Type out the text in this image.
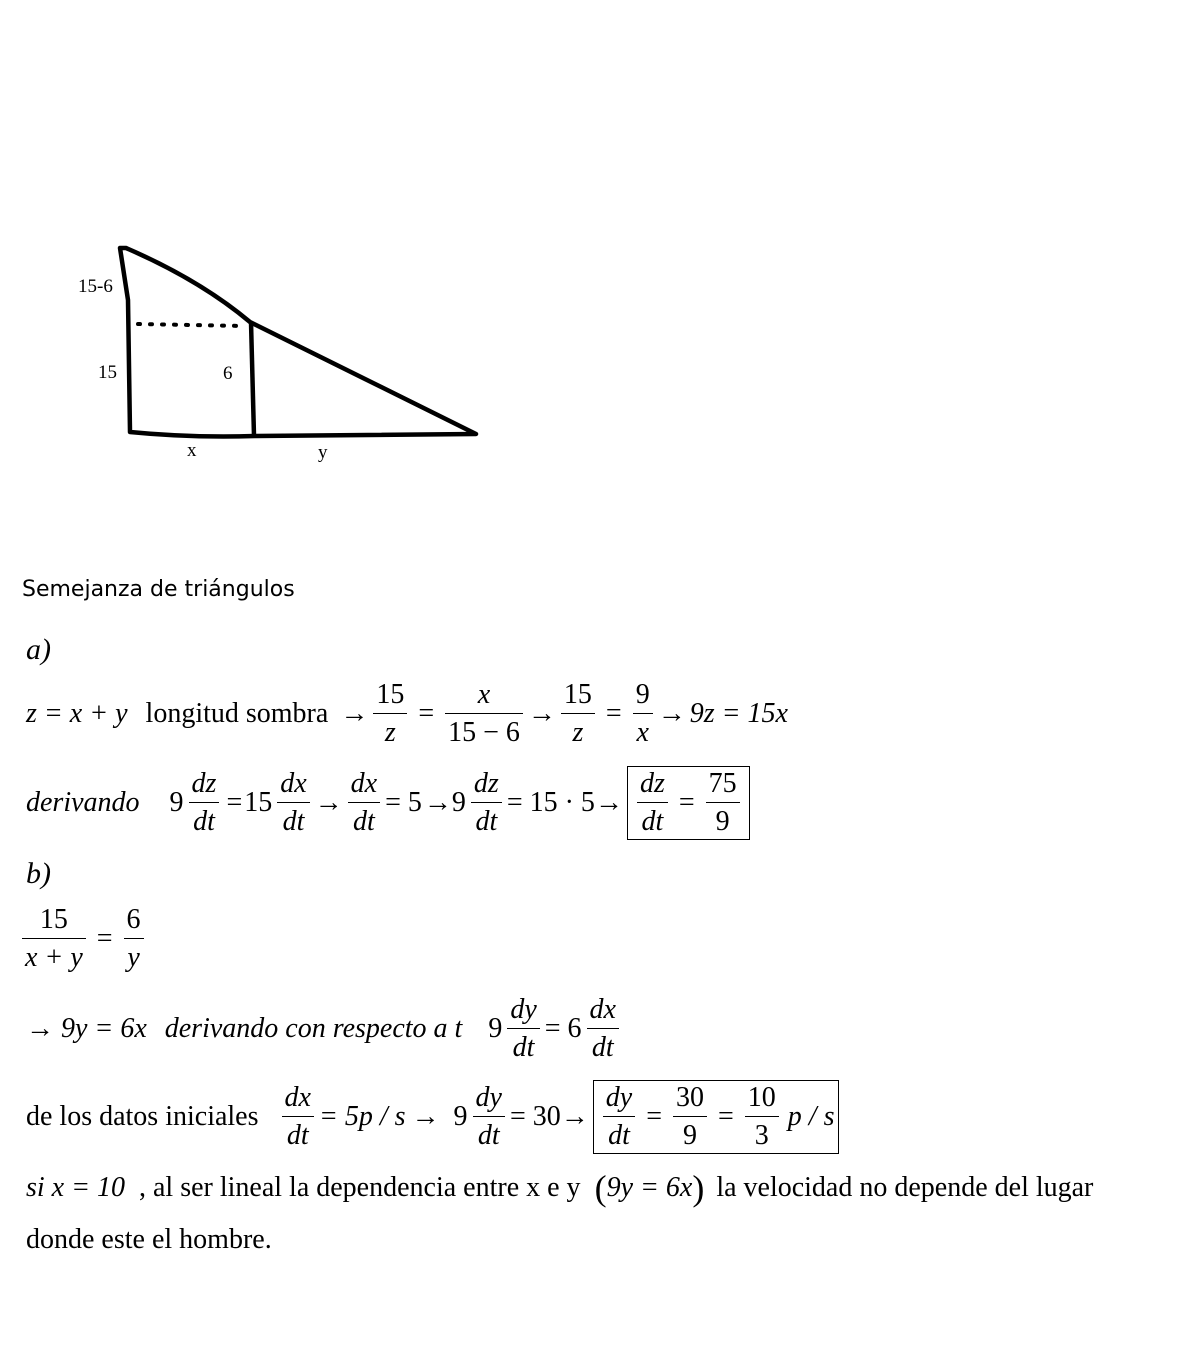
15-6
15	6
x	y
Semejanza de triángulos
a)
z = x + y longitud sombra → $\frac{15}{z} = \frac{x}{15 - 6} \to \frac{15}{z} = \frac{9}{x} \to 9z = 15x$
derivando $9 \frac{dz}{dt} = 15 \frac{dx}{dt} \to \frac{dx}{dt} = 5 \to 9 \frac{dz}{dt} = 15 \cdot 5 \to \frac{dz}{dt} = \frac{75}{9}$
b)
$\frac{15}{x + y} = \frac{6}{y}$
→ 9y = 6x derivando con respecto a t $9 \frac{dy}{dt} = 6 \frac{dx}{dt}$
de los datos iniciales $\frac{dx}{dt} = 5p / s \to 9 \frac{dy}{dt} = 30 \to \frac{dy}{dt} = \frac{30}{9} = \frac{10}{3}$ p / s
si x = 10 , al ser lineal la dependencia entre x e y ( 9y = 6x ) la velocidad no depende del lugar
donde este el hombre.
